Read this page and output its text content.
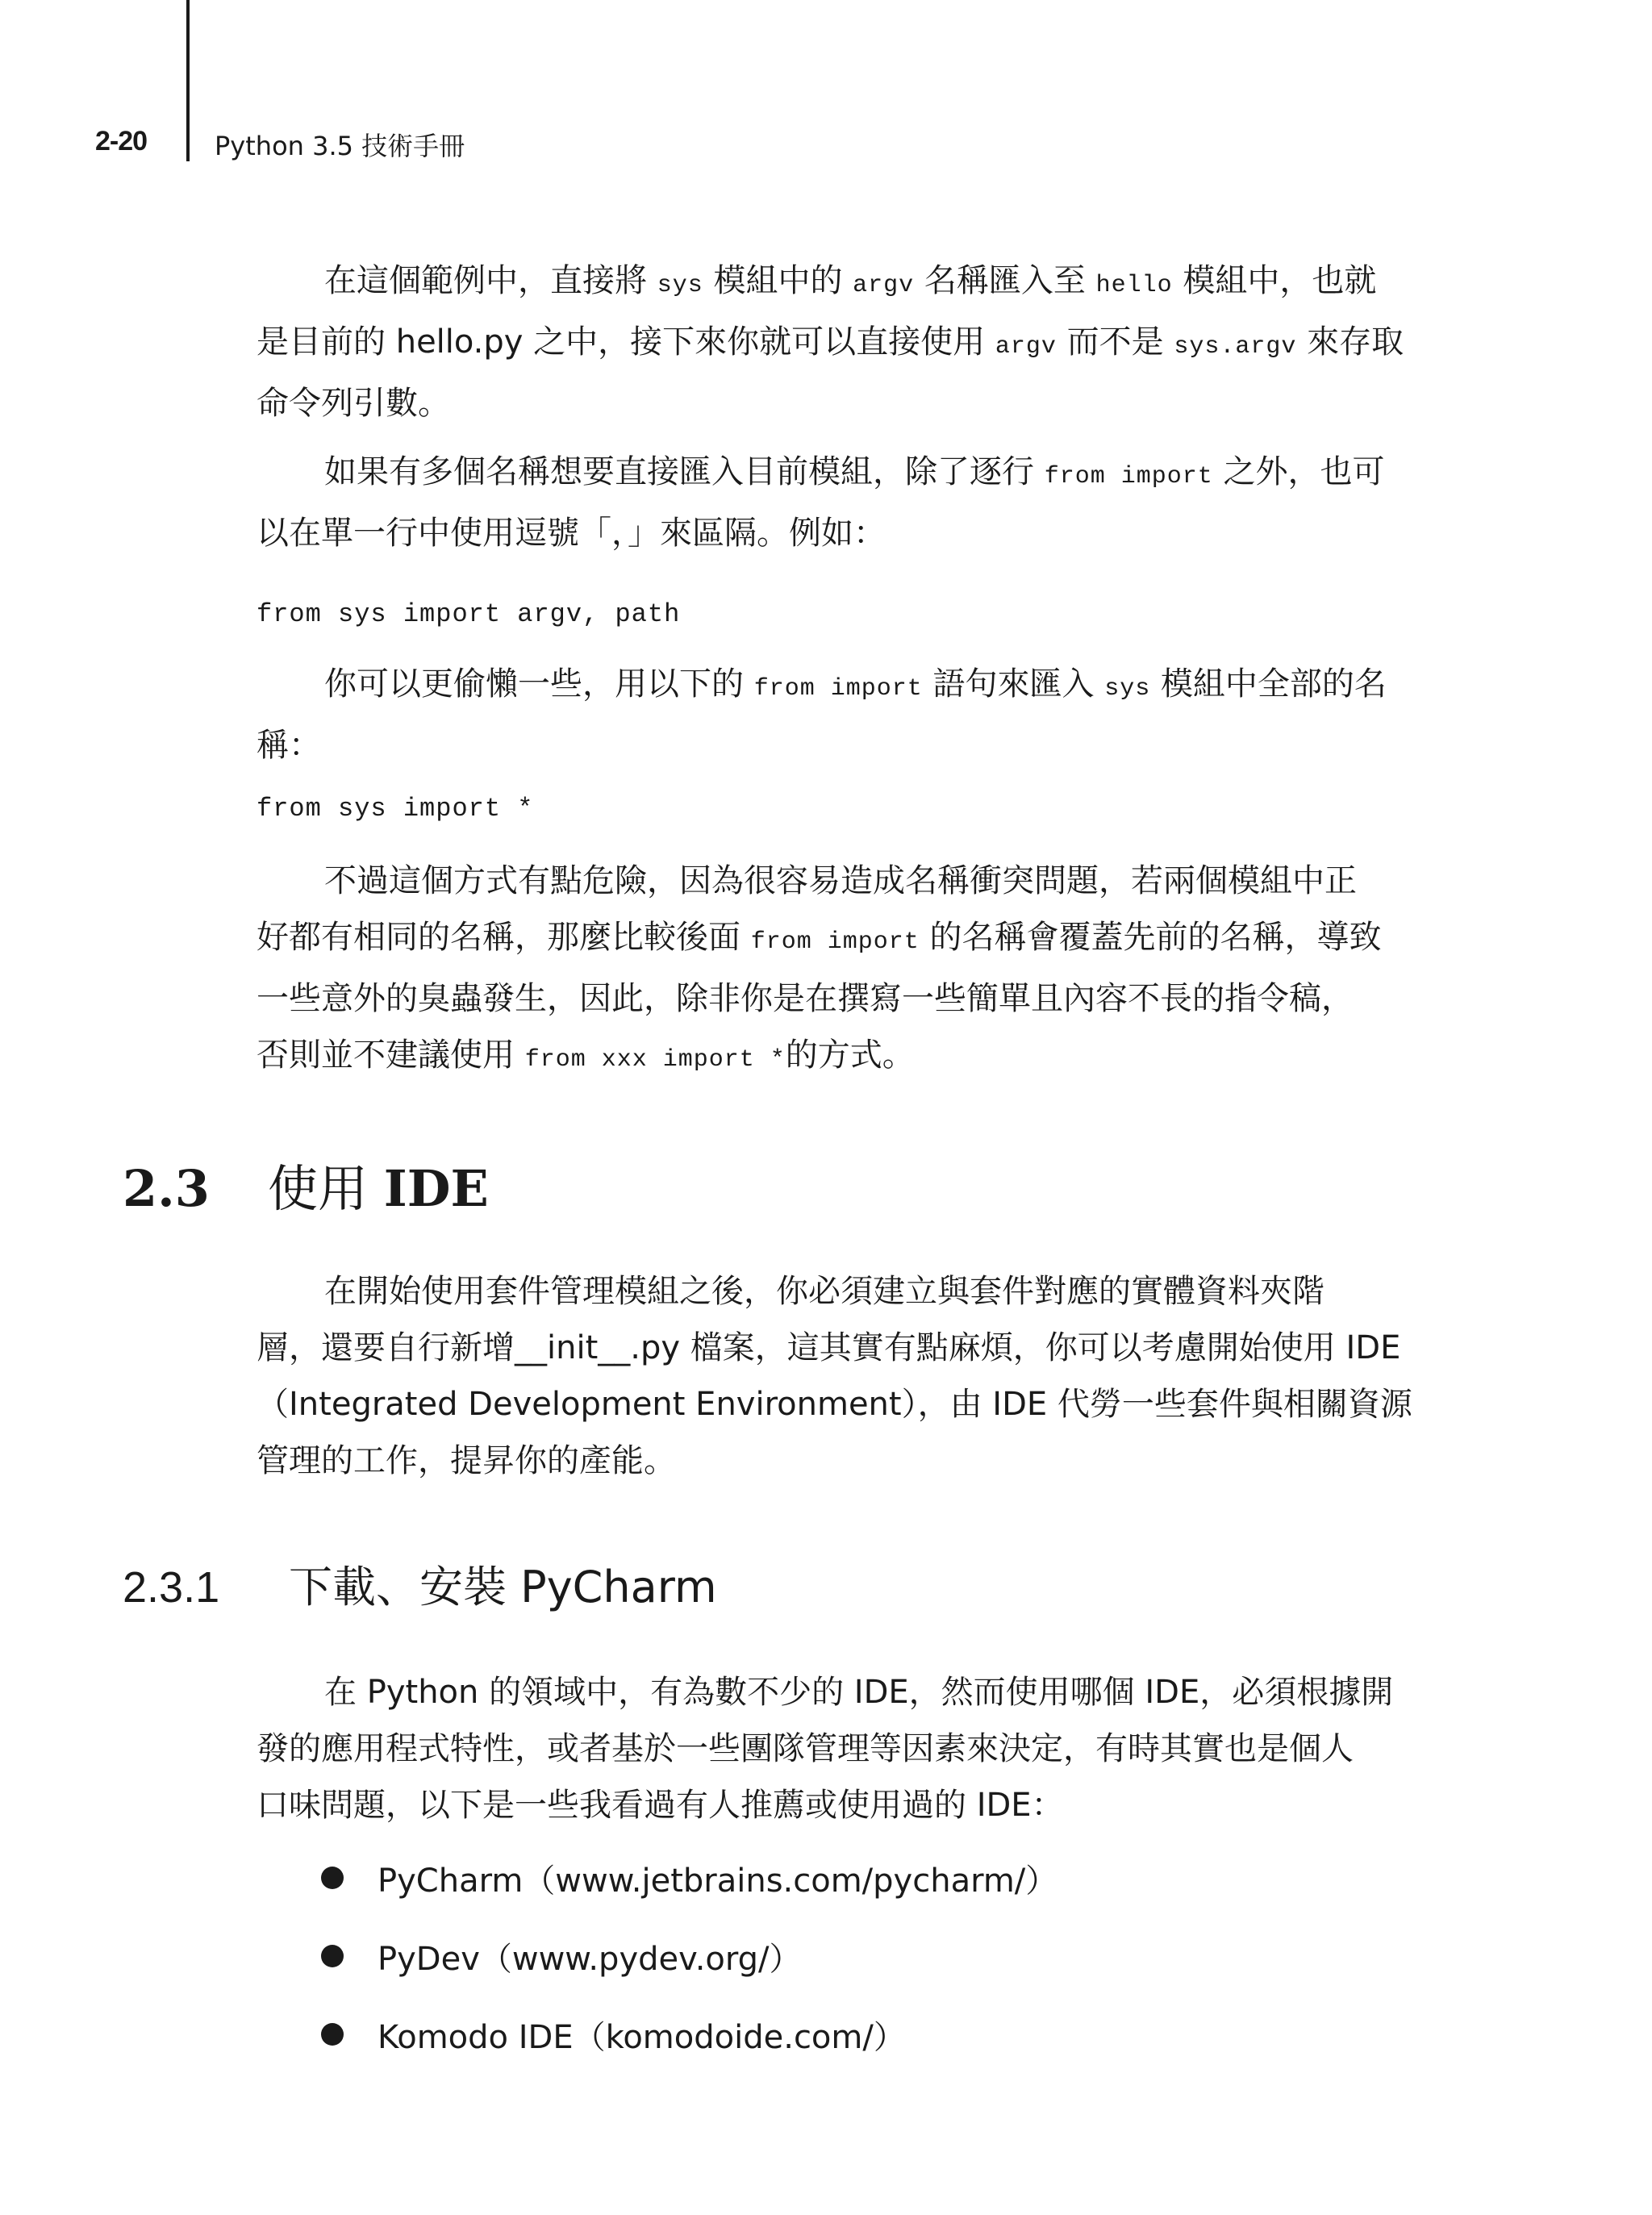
2-20	Python 3.5 技術手冊
在這個範例中，直接將 sys 模組中的 argv 名稱匯入至 hello 模組中，也就
是目前的 hello.py 之中，接下來你就可以直接使用 argv 而不是 sys.argv 來存取
命令列引數。
如果有多個名稱想要直接匯入目前模組，除了逐行 from import 之外，也可
以在單一行中使用逗號「，」來區隔。例如：
from sys import argv, path
你可以更偷懶一些，用以下的 from import 語句來匯入 sys 模組中全部的名
稱：
from sys import *
不過這個方式有點危險，因為很容易造成名稱衝突問題，若兩個模組中正
好都有相同的名稱，那麼比較後面 from import 的名稱會覆蓋先前的名稱，導致
一些意外的臭蟲發生，因此，除非你是在撰寫一些簡單且內容不長的指令稿，
否則並不建議使用 from xxx import *的方式。
2.3 使用 IDE
在開始使用套件管理模組之後，你必須建立與套件對應的實體資料夾階
層，還要自行新增__init__.py 檔案，這其實有點麻煩，你可以考慮開始使用 IDE
（Integrated Development Environment），由 IDE 代勞一些套件與相關資源
管理的工作，提昇你的產能。
2.3.1 下載、安裝 PyCharm
在 Python 的領域中，有為數不少的 IDE，然而使用哪個 IDE，必須根據開
發的應用程式特性，或者基於一些團隊管理等因素來決定，有時其實也是個人
口味問題，以下是一些我看過有人推薦或使用過的 IDE：
PyCharm（www.jetbrains.com/pycharm/）
PyDev（www.pydev.org/）
Komodo IDE（komodoide.com/）
